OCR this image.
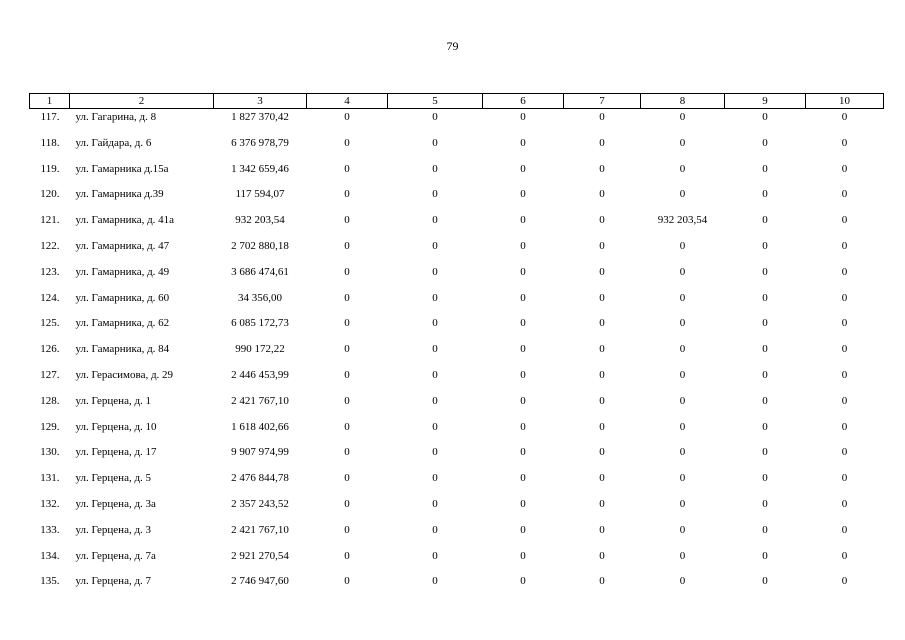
79
1	2	3	4	5	6	7	8	9	10
117.	ул. Гагарина, д. 8	1 827 370,42	0	0	0	0	0	0	0
118.	ул. Гайдара, д. 6	6 376 978,79	0	0	0	0	0	0	0
119.	ул. Гамарника д.15а	1 342 659,46	0	0	0	0	0	0	0
120.	ул. Гамарника д.39	117 594,07	0	0	0	0	0	0	0
121.	ул. Гамарника, д. 41а	932 203,54	0	0	0	0	932 203,54	0	0
122.	ул. Гамарника, д. 47	2 702 880,18	0	0	0	0	0	0	0
123.	ул. Гамарника, д. 49	3 686 474,61	0	0	0	0	0	0	0
124.	ул. Гамарника, д. 60	34 356,00	0	0	0	0	0	0	0
125.	ул. Гамарника, д. 62	6 085 172,73	0	0	0	0	0	0	0
126.	ул. Гамарника, д. 84	990 172,22	0	0	0	0	0	0	0
127.	ул. Герасимова, д. 29	2 446 453,99	0	0	0	0	0	0	0
128.	ул. Герцена, д. 1	2 421 767,10	0	0	0	0	0	0	0
129.	ул. Герцена, д. 10	1 618 402,66	0	0	0	0	0	0	0
130.	ул. Герцена, д. 17	9 907 974,99	0	0	0	0	0	0	0
131.	ул. Герцена, д. 5	2 476 844,78	0	0	0	0	0	0	0
132.	ул. Герцена, д. 3а	2 357 243,52	0	0	0	0	0	0	0
133.	ул. Герцена, д. 3	2 421 767,10	0	0	0	0	0	0	0
134.	ул. Герцена, д. 7а	2 921 270,54	0	0	0	0	0	0	0
135.	ул. Герцена, д. 7	2 746 947,60	0	0	0	0	0	0	0
